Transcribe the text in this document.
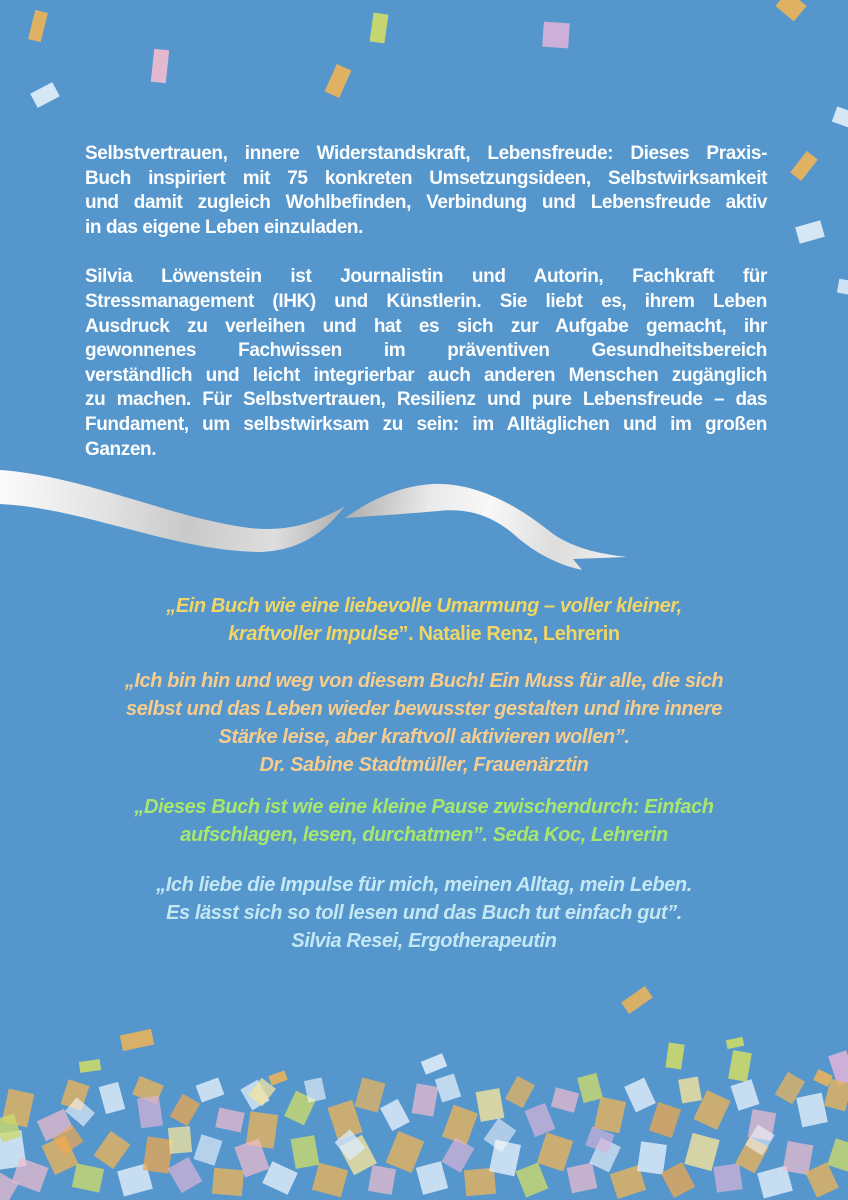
Selbstvertrauen, innere Widerstandskraft, Lebensfreude: Dieses Praxis-
Buch inspiriert mit 75 konkreten Umsetzungsideen, Selbstwirksamkeit
und damit zugleich Wohlbefinden, Verbindung und Lebensfreude aktiv
in das eigene Leben einzuladen.
Silvia Löwenstein ist Journalistin und Autorin, Fachkraft für
Stressmanagement (IHK) und Künstlerin. Sie liebt es, ihrem Leben
Ausdruck zu verleihen und hat es sich zur Aufgabe gemacht, ihr
gewonnenes Fachwissen im präventiven Gesundheitsbereich
verständlich und leicht integrierbar auch anderen Menschen zugänglich
zu machen. Für Selbstvertrauen, Resilienz und pure Lebensfreude – das
Fundament, um selbstwirksam zu sein: im Alltäglichen und im großen
Ganzen.
„Ein Buch wie eine liebevolle Umarmung – voller kleiner,
kraftvoller Impulse”. Natalie Renz, Lehrerin
„Ich bin hin und weg von diesem Buch! Ein Muss für alle, die sich
selbst und das Leben wieder bewusster gestalten und ihre innere
Stärke leise, aber kraftvoll aktivieren wollen”.
Dr. Sabine Stadtmüller, Frauenärztin
„Dieses Buch ist wie eine kleine Pause zwischendurch: Einfach
aufschlagen, lesen, durchatmen”. Seda Koc, Lehrerin
„Ich liebe die Impulse für mich, meinen Alltag, mein Leben.
Es lässt sich so toll lesen und das Buch tut einfach gut”.
Silvia Resei, Ergotherapeutin
